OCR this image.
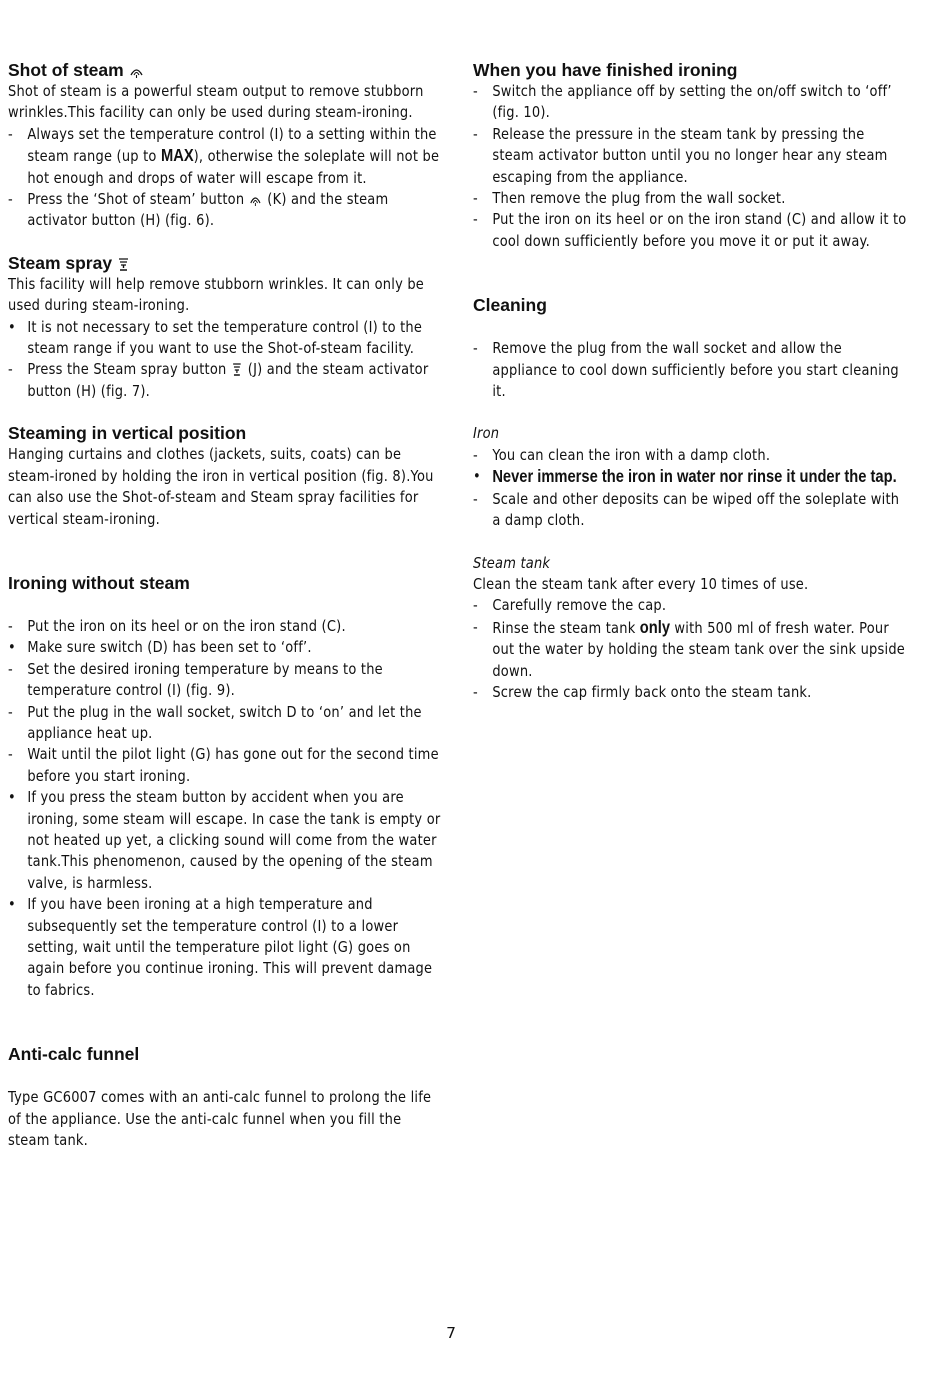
Shot of steam

Shot of steam is a powerful steam output to remove stubborn wrinkles.This facility can only be used during steam-ironing.

- Always set the temperature control (I) to a setting within the steam range (up to MAX), otherwise the soleplate will not be hot enough and drops of water will escape from it.
- Press the ‘Shot of steam’ button (K) and the steam activator button (H) (fig. 6).
Steam spray

This facility will help remove stubborn wrinkles. It can only be used during steam-ironing.

• It is not necessary to set the temperature control (I) to the steam range if you want to use the Shot-of-steam facility.
- Press the Steam spray button (J) and the steam activator button (H) (fig. 7).
Steaming in vertical position

Hanging curtains and clothes (jackets, suits, coats) can be steam-ironed by holding the iron in vertical position (fig. 8).You can also use the Shot-of-steam and Steam spray facilities for vertical steam-ironing.

Ironing without steam
- Put the iron on its heel or on the iron stand (C).
• Make sure switch (D) has been set to ‘off’.
- Set the desired ironing temperature by means to the temperature control (I) (fig. 9).
- Put the plug in the wall socket, switch D to ‘on’ and let the appliance heat up.
- Wait until the pilot light (G) has gone out for the second time before you start ironing.
• If you press the steam button by accident when you are ironing, some steam will escape. In case the tank is empty or not heated up yet, a clicking sound will come from the water tank.This phenomenon, caused by the opening of the steam valve, is harmless.
• If you have been ironing at a high temperature and subsequently set the temperature control (I) to a lower setting, wait until the temperature pilot light (G) goes on again before you continue ironing. This will prevent damage to fabrics.
Anti-calc funnel

Type GC6007 comes with an anti-calc funnel to prolong the life of the appliance. Use the anti-calc funnel when you fill the steam tank.

When you have finished ironing
- Switch the appliance off by setting the on/off switch to ‘off’ (fig. 10).
- Release the pressure in the steam tank by pressing the steam activator button until you no longer hear any steam escaping from the appliance.
- Then remove the plug from the wall socket.
- Put the iron on its heel or on the iron stand (C) and allow it to cool down sufficiently before you move it or put it away.
Cleaning
- Remove the plug from the wall socket and allow the appliance to cool down sufficiently before you start cleaning it.

Iron

- You can clean the iron with a damp cloth.
• Never immerse the iron in water nor rinse it under the tap.
- Scale and other deposits can be wiped off the soleplate with a damp cloth.

Steam tank

Clean the steam tank after every 10 times of use.

- Carefully remove the cap.
- Rinse the steam tank only with 500 ml of fresh water. Pour out the water by holding the steam tank over the sink upside down.
- Screw the cap firmly back onto the steam tank.
7
